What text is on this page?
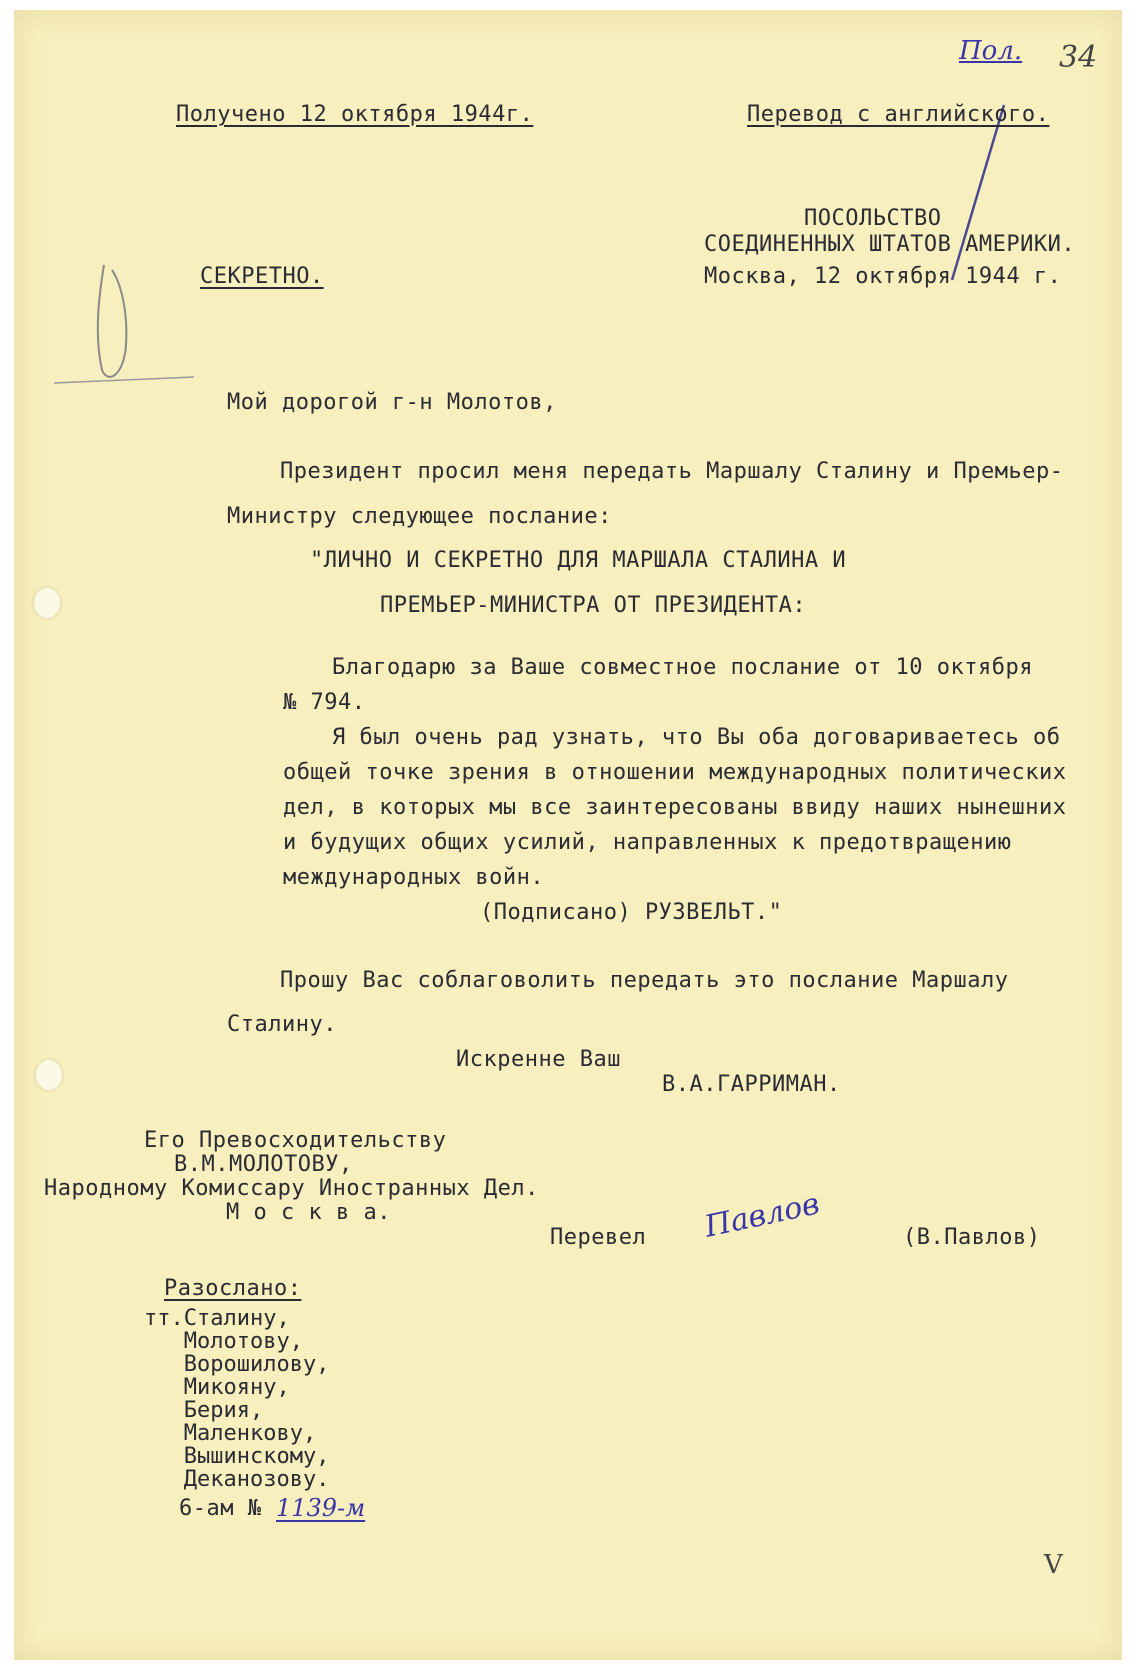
Пол. 34
Получено 12 октября 1944г.	Перевод с английского.
ПОСОЛЬСТВО
СОЕДИНЕННЫХ ШТАТОВ АМЕРИКИ.
Москва, 12 октября 1944 г.
СЕКРЕТНО.
Мой дорогой г-н Молотов,
Президент просил меня передать Маршалу Сталину и Премьер-
Министру следующее послание:
"ЛИЧНО И СЕКРЕТНО ДЛЯ МАРШАЛА СТАЛИНА И
ПРЕМЬЕР-МИНИСТРА ОТ ПРЕЗИДЕНТА:
Благодарю за Ваше совместное послание от 10 октября
№ 794.
Я был очень рад узнать, что Вы оба договариваетесь об
общей точке зрения в отношении международных политических
дел, в которых мы все заинтересованы ввиду наших нынешних
и будущих общих усилий, направленных к предотвращению
международных войн.
(Подписано) РУЗВЕЛЬТ."
Прошу Вас соблаговолить передать это послание Маршалу
Сталину.
Искренне Ваш
В.А.ГАРРИМАН.
Его Превосходительству
В.М.МОЛОТОВУ,
Народному Комиссару Иностранных Дел.
М о с к в а.
Перевел Павлов	(В.Павлов)
Разослано:
тт.Сталину,
Молотову,
Ворошилову,
Микояну,
Берия,
Маленкову,
Вышинскому,
Деканозову.
6-ам № 1139-м
V
